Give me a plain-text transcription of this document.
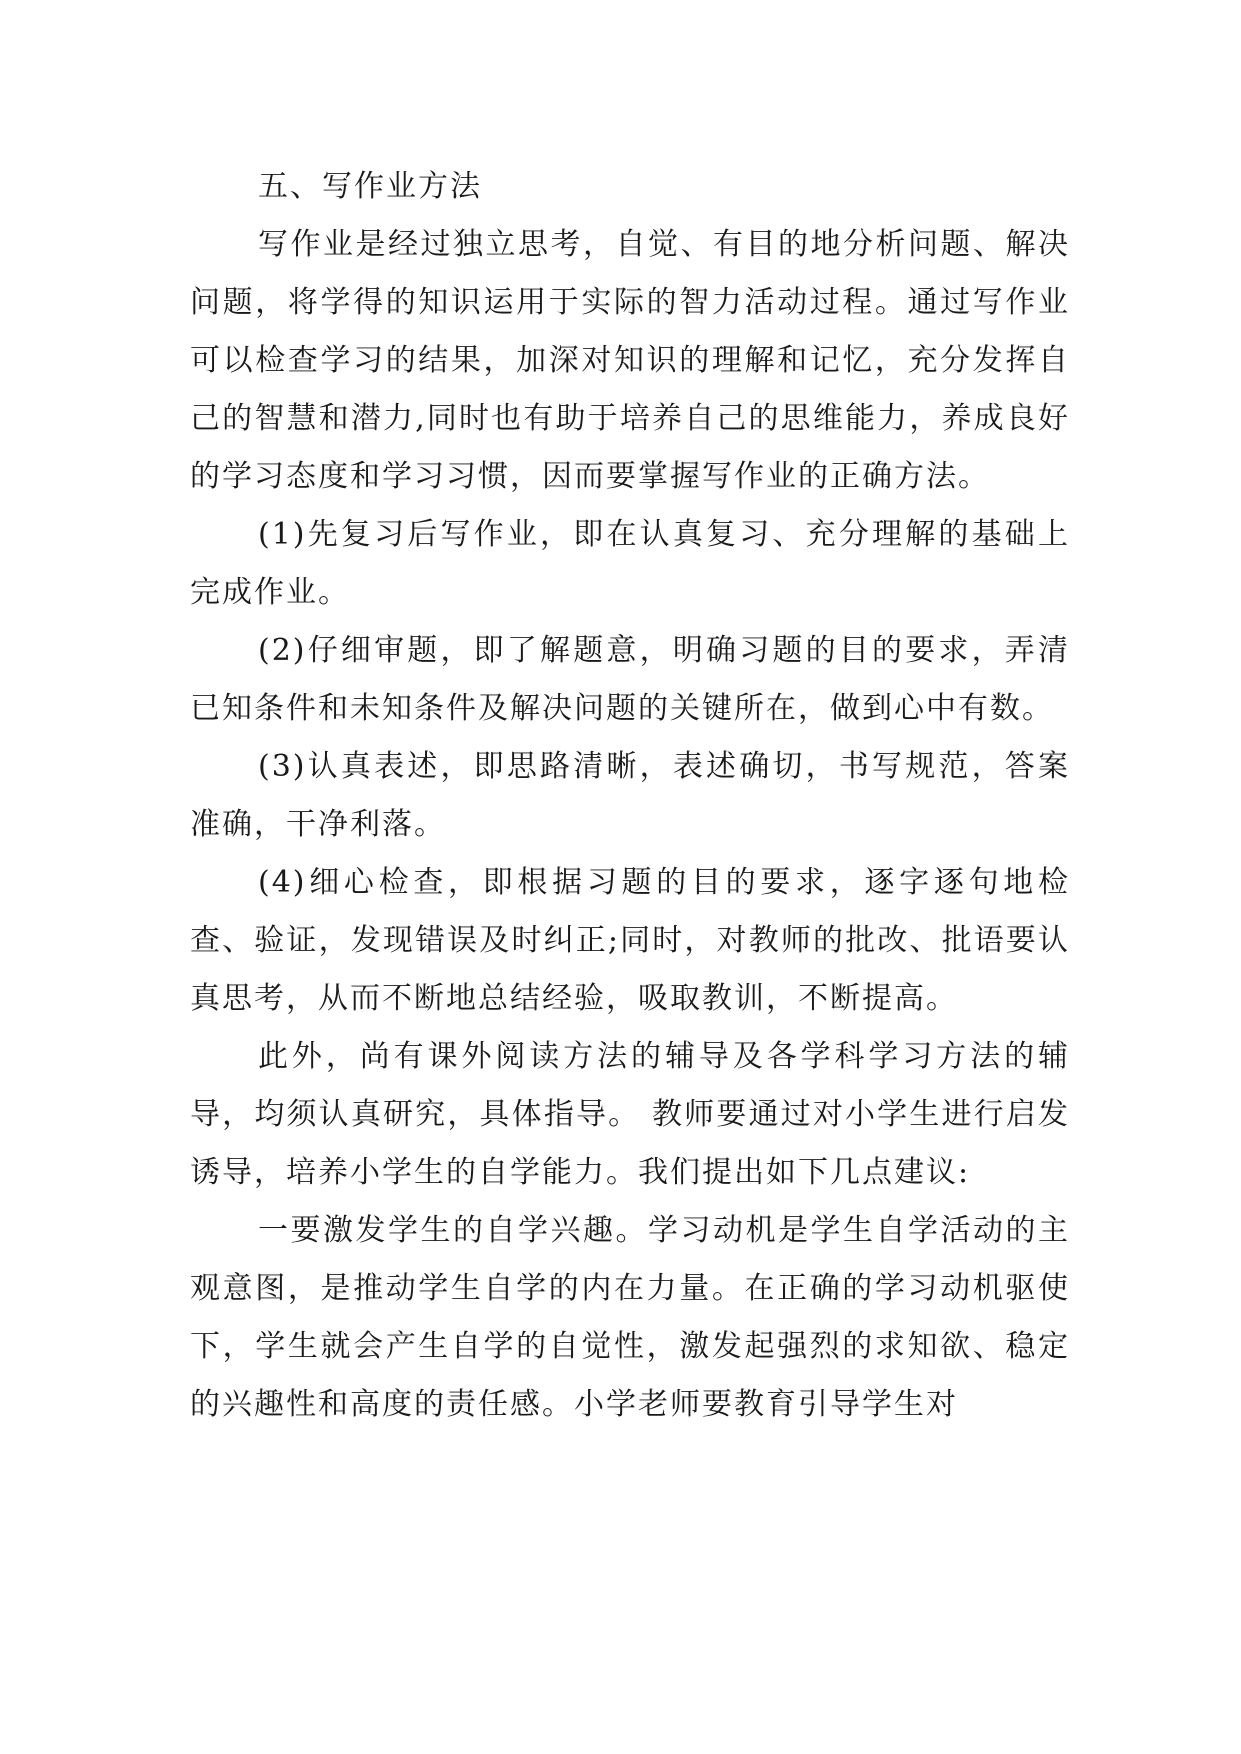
五、写作业方法

写作业是经过独立思考，自觉、有目的地分析问题、解决问题，将学得的知识运用于实际的智力活动过程。通过写作业可以检查学习的结果，加深对知识的理解和记忆，充分发挥自己的智慧和潜力,同时也有助于培养自己的思维能力，养成良好的学习态度和学习习惯，因而要掌握写作业的正确方法。

(1)先复习后写作业，即在认真复习、充分理解的基础上完成作业。

(2)仔细审题，即了解题意，明确习题的目的要求，弄清已知条件和未知条件及解决问题的关键所在，做到心中有数。

(3)认真表述，即思路清晰，表述确切，书写规范，答案准确，干净利落。

(4)细心检查，即根据习题的目的要求，逐字逐句地检查、验证，发现错误及时纠正;同时，对教师的批改、批语要认真思考，从而不断地总结经验，吸取教训，不断提高。

此外，尚有课外阅读方法的辅导及各学科学习方法的辅导，均须认真研究，具体指导。 教师要通过对小学生进行启发诱导，培养小学生的自学能力。我们提出如下几点建议:

一要激发学生的自学兴趣。学习动机是学生自学活动的主观意图，是推动学生自学的内在力量。在正确的学习动机驱使下，学生就会产生自学的自觉性，激发起强烈的求知欲、稳定的兴趣性和高度的责任感。小学老师要教育引导学生对
